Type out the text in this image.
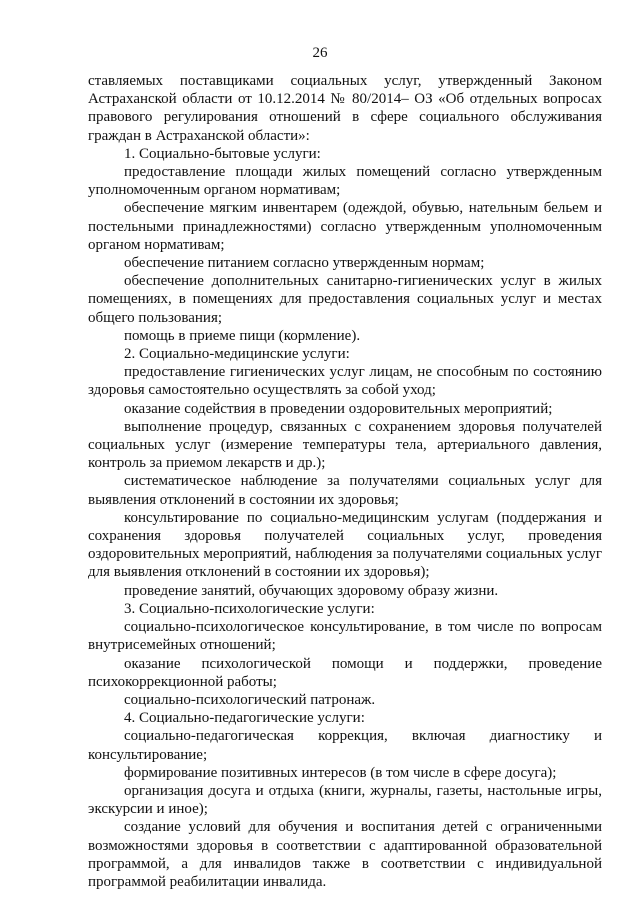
26

ставляемых поставщиками социальных услуг, утвержденный Законом Астраханской области от 10.12.2014 № 80/2014– ОЗ «Об отдельных вопросах правового регулирования отношений в сфере социального обслуживания граждан в Астраханской области»:

1. Социально-бытовые услуги:

предоставление площади жилых помещений согласно утвержденным уполномоченным органом нормативам;

обеспечение мягким инвентарем (одеждой, обувью, нательным бельем и постельными принадлежностями) согласно утвержденным уполномоченным органом нормативам;

обеспечение питанием согласно утвержденным нормам;

обеспечение дополнительных санитарно-гигиенических услуг в жилых помещениях, в помещениях для предоставления социальных услуг и местах общего пользования;

помощь в приеме пищи (кормление).

2. Социально-медицинские услуги:

предоставление гигиенических услуг лицам, не способным по состоянию здоровья самостоятельно осуществлять за собой уход;

оказание содействия в проведении оздоровительных мероприятий;

выполнение процедур, связанных с сохранением здоровья получателей социальных услуг (измерение температуры тела, артериального давления, контроль за приемом лекарств и др.);

систематическое наблюдение за получателями социальных услуг для выявления отклонений в состоянии их здоровья;

консультирование по социально-медицинским услугам (поддержания и сохранения здоровья получателей социальных услуг, проведения оздоровительных мероприятий, наблюдения за получателями социальных услуг для выявления отклонений в состоянии их здоровья);

проведение занятий, обучающих здоровому образу жизни.

3. Социально-психологические услуги:

социально-психологическое консультирование, в том числе по вопросам внутрисемейных отношений;

оказание психологической помощи и поддержки, проведение психокоррекционной работы;

социально-психологический патронаж.

4. Социально-педагогические услуги:

социально-педагогическая коррекция, включая диагностику и консультирование;

формирование позитивных интересов (в том числе в сфере досуга);

организация досуга и отдыха (книги, журналы, газеты, настольные игры, экскурсии и иное);

создание условий для обучения и воспитания детей с ограниченными возможностями здоровья в соответствии с адаптированной образовательной программой, а для инвалидов также в соответствии с индивидуальной программой реабилитации инвалида.
